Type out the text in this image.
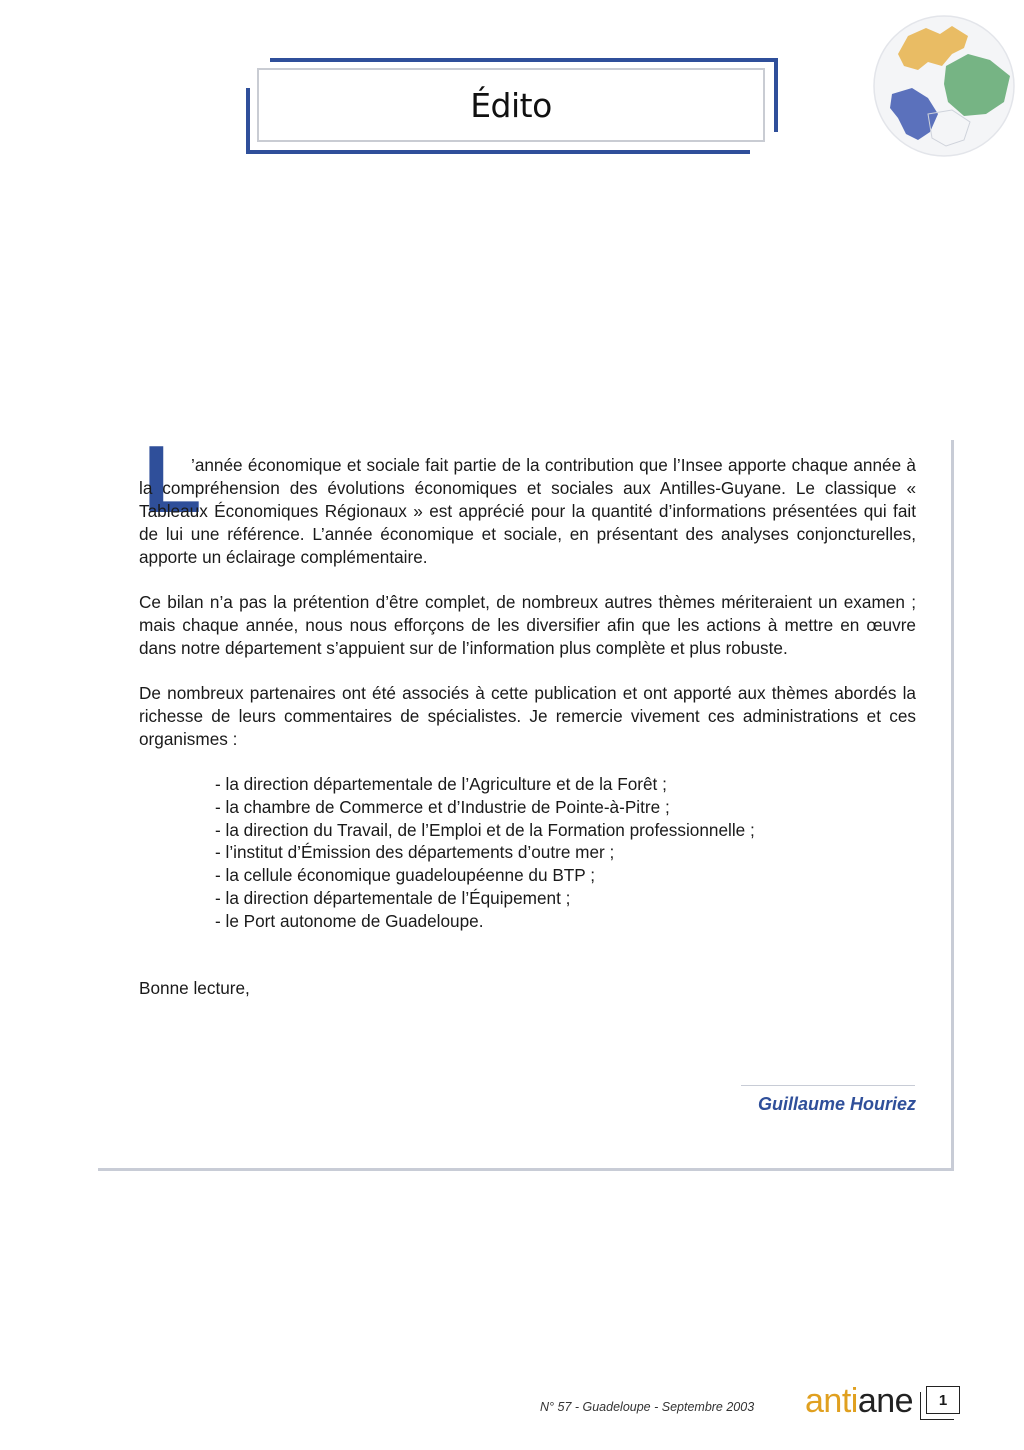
Édito
L

’année économique et sociale fait partie de la contribution que l’Insee apporte chaque année à la compréhension des évolutions économiques et sociales aux Antilles-Guyane. Le classique « Tableaux Économiques Régionaux » est apprécié pour la quantité d’informations présentées qui fait de lui une référence. L’année économique et sociale, en présentant des analyses conjoncturelles, apporte un éclairage complémentaire.

Ce bilan n’a pas la prétention d’être complet, de nombreux autres thèmes mériteraient un examen ; mais chaque année, nous nous efforçons de les diversifier afin que les actions à mettre en œuvre dans notre département s’appuient sur de l’information plus complète et plus robuste.

De nombreux partenaires ont été associés à cette publication et ont apporté aux thèmes abordés la richesse de leurs commentaires de spécialistes. Je remercie vivement ces administrations et ces organismes :

- la direction départementale de l’Agriculture et de la Forêt ;
- la chambre de Commerce et d’Industrie de Pointe-à-Pitre ;
- la direction du Travail, de l’Emploi et de la Formation professionnelle ;
- l’institut d’Émission des départements d’outre mer ;
- la cellule économique guadeloupéenne du BTP ;
- la direction départementale de l’Équipement ;
- le Port autonome de Guadeloupe.
Bonne lecture,
Guillaume Houriez
N° 57 - Guadeloupe - Septembre 2003 antiane	1
